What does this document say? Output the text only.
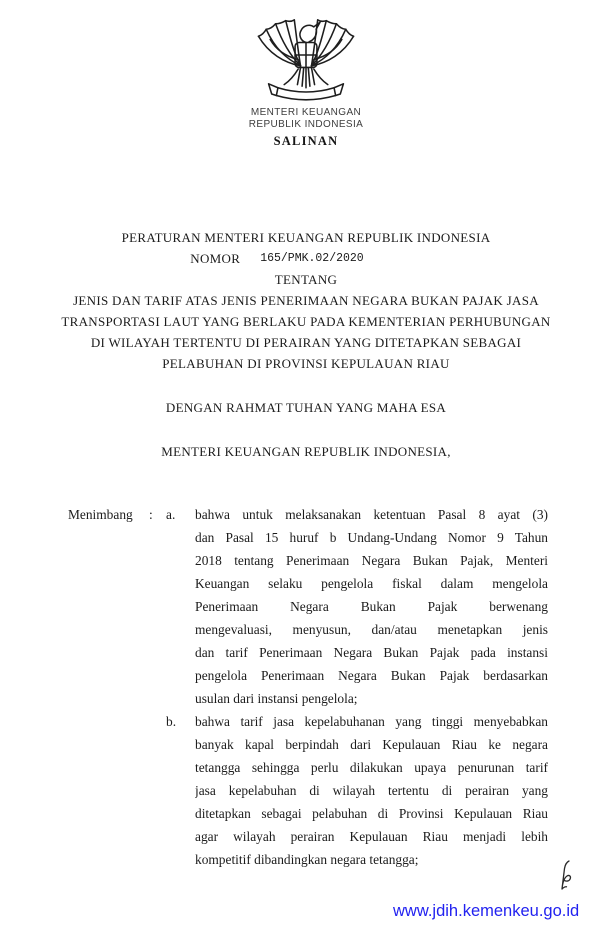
MENTERI KEUANGAN
REPUBLIK INDONESIA
SALINAN
PERATURAN MENTERI KEUANGAN REPUBLIK INDONESIA
NOMOR 165/PMK.02/2020
TENTANG
JENIS DAN TARIF ATAS JENIS PENERIMAAN NEGARA BUKAN PAJAK JASA
TRANSPORTASI LAUT YANG BERLAKU PADA KEMENTERIAN PERHUBUNGAN
DI WILAYAH TERTENTU DI PERAIRAN YANG DITETAPKAN SEBAGAI
PELABUHAN DI PROVINSI KEPULAUAN RIAU
DENGAN RAHMAT TUHAN YANG MAHA ESA
MENTERI KEUANGAN REPUBLIK INDONESIA,
Menimbang : a. bahwa untuk melaksanakan ketentuan Pasal 8 ayat (3)
dan Pasal 15 huruf b Undang-Undang Nomor 9 Tahun
2018 tentang Penerimaan Negara Bukan Pajak, Menteri
Keuangan selaku pengelola fiskal dalam mengelola
Penerimaan Negara Bukan Pajak berwenang
mengevaluasi, menyusun, dan/atau menetapkan jenis
dan tarif Penerimaan Negara Bukan Pajak pada instansi
pengelola Penerimaan Negara Bukan Pajak berdasarkan
usulan dari instansi pengelola;
b. bahwa tarif jasa kepelabuhanan yang tinggi menyebabkan
banyak kapal berpindah dari Kepulauan Riau ke negara
tetangga sehingga perlu dilakukan upaya penurunan tarif
jasa kepelabuhan di wilayah tertentu di perairan yang
ditetapkan sebagai pelabuhan di Provinsi Kepulauan Riau
agar wilayah perairan Kepulauan Riau menjadi lebih
kompetitif dibandingkan negara tetangga;
www.jdih.kemenkeu.go.id
